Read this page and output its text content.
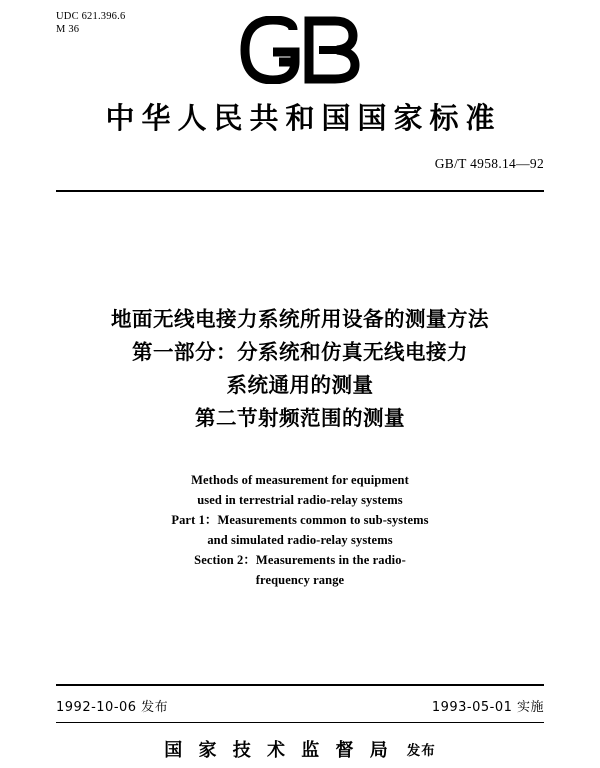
UDC 621.396.6
M 36
中华人民共和国国家标准
GB/T 4958.14—92
地面无线电接力系统所用设备的测量方法
第一部分：分系统和仿真无线电接力
系统通用的测量
第二节射频范围的测量
Methods of measurement for equipment
used in terrestrial radio-relay systems
Part 1：Measurements common to sub-systems
and simulated radio-relay systems
Section 2：Measurements in the radio-
frequency range
1992-10-06 发布	1993-05-01 实施
国 家 技 术 监 督 局 发布
